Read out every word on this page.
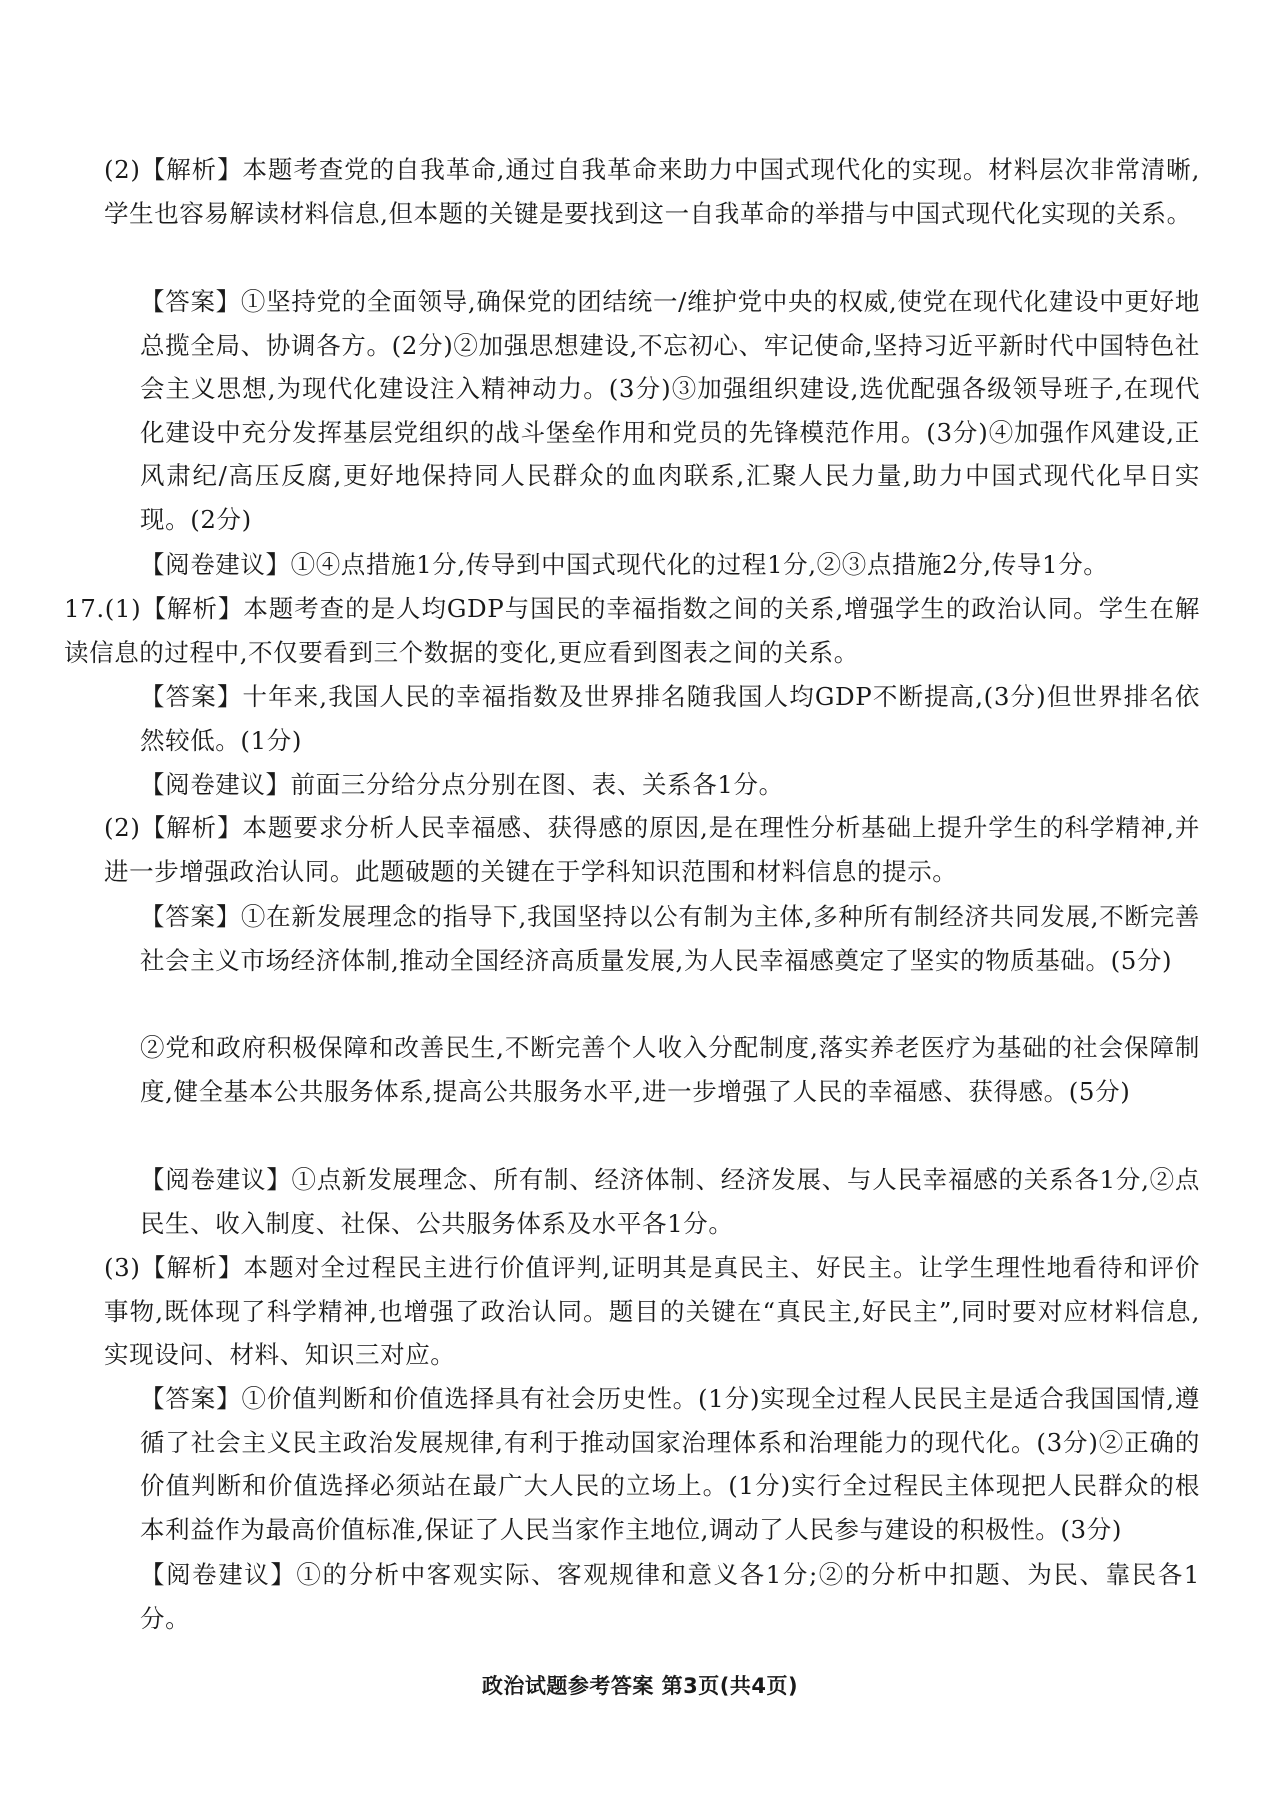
(2)【解析】本题考查党的自我革命,通过自我革命来助力中国式现代化的实现。材料层次非常清晰,学生也容易解读材料信息,但本题的关键是要找到这一自我革命的举措与中国式现代化实现的关系。

【答案】①坚持党的全面领导,确保党的团结统一/维护党中央的权威,使党在现代化建设中更好地总揽全局、协调各方。(2分)②加强思想建设,不忘初心、牢记使命,坚持习近平新时代中国特色社会主义思想,为现代化建设注入精神动力。(3分)③加强组织建设,选优配强各级领导班子,在现代化建设中充分发挥基层党组织的战斗堡垒作用和党员的先锋模范作用。(3分)④加强作风建设,正风肃纪/高压反腐,更好地保持同人民群众的血肉联系,汇聚人民力量,助力中国式现代化早日实现。(2分)

【阅卷建议】①④点措施1分,传导到中国式现代化的过程1分,②③点措施2分,传导1分。

17.(1)【解析】本题考查的是人均GDP与国民的幸福指数之间的关系,增强学生的政治认同。学生在解读信息的过程中,不仅要看到三个数据的变化,更应看到图表之间的关系。

【答案】十年来,我国人民的幸福指数及世界排名随我国人均GDP不断提高,(3分)但世界排名依然较低。(1分)

【阅卷建议】前面三分给分点分别在图、表、关系各1分。

(2)【解析】本题要求分析人民幸福感、获得感的原因,是在理性分析基础上提升学生的科学精神,并进一步增强政治认同。此题破题的关键在于学科知识范围和材料信息的提示。

【答案】①在新发展理念的指导下,我国坚持以公有制为主体,多种所有制经济共同发展,不断完善社会主义市场经济体制,推动全国经济高质量发展,为人民幸福感奠定了坚实的物质基础。(5分)

②党和政府积极保障和改善民生,不断完善个人收入分配制度,落实养老医疗为基础的社会保障制度,健全基本公共服务体系,提高公共服务水平,进一步增强了人民的幸福感、获得感。(5分)

【阅卷建议】①点新发展理念、所有制、经济体制、经济发展、与人民幸福感的关系各1分,②点民生、收入制度、社保、公共服务体系及水平各1分。

(3)【解析】本题对全过程民主进行价值评判,证明其是真民主、好民主。让学生理性地看待和评价事物,既体现了科学精神,也增强了政治认同。题目的关键在“真民主,好民主”,同时要对应材料信息,实现设问、材料、知识三对应。

【答案】①价值判断和价值选择具有社会历史性。(1分)实现全过程人民民主是适合我国国情,遵循了社会主义民主政治发展规律,有利于推动国家治理体系和治理能力的现代化。(3分)②正确的价值判断和价值选择必须站在最广大人民的立场上。(1分)实行全过程民主体现把人民群众的根本利益作为最高价值标准,保证了人民当家作主地位,调动了人民参与建设的积极性。(3分)

【阅卷建议】①的分析中客观实际、客观规律和意义各1分;②的分析中扣题、为民、靠民各1分。

政治试题参考答案 第3页(共4页)
